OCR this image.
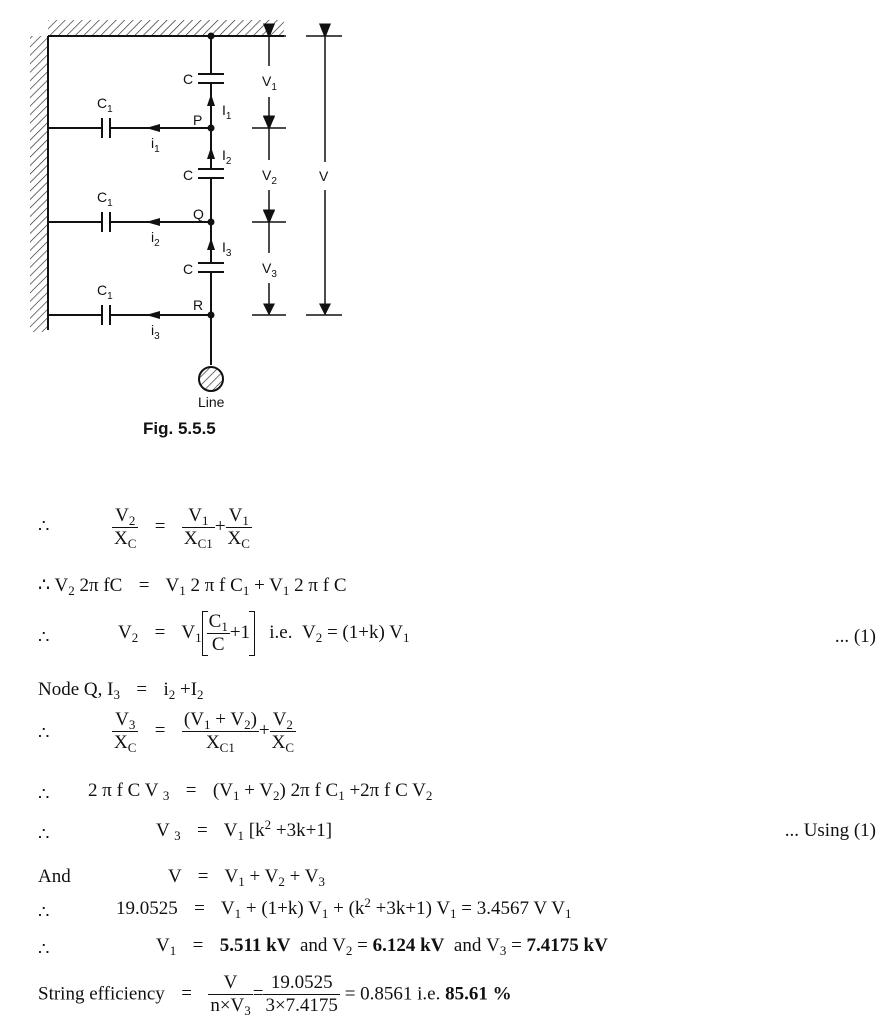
C
C
C
$C_1$
$C_1$
$C_1$
P
Q
R
$i_1$
$i_2$
$i_3$
$I_1$
$I_2$
$I_3$
$V_1$
$V_2$
$V_3$
V
Line
Fig. 5.5.5
∴	$\frac{V_2}{X_C} = \frac{V_1}{X_{C1}} + \frac{V_1}{X_C}$
∴ $V_2$ 2π fC = $V_1$ 2 π f $C_1 + V_1$ 2 π f C
∴	$V_2 = V_1 \frac{C_1}{C} +1$   i.e.  $V_2 = (1+k)$ $V_1$	... (1)
Node Q, $I_3 = i_2 +I_2$
∴	$\frac{V_3}{X_C} = \frac{(V_1 + V_2)}{X_{C1}} + \frac{V_2}{X_C}$
∴ 2 π f C V $_3 = (V_1 + V_2)$ 2π f $C_1 +2\pi$ f C $V_2$
∴	V $_3 = V_1$ $[k^2 +3k+1]$	... Using (1)
And	$V = V_1 + V_2 + V_3$
∴	$19.0525 = V_1 + (1+k) V_1 + (k^2 +3k+1) V_1 = 3.4567$ V $V_1$
∴	$V_1 = 5.511$ kV  and $V_2 = 6.124$ kV  and $V_3 = 7.4175$ kV
String efficiency = $\frac{V}{n\times V_3} = \frac{19.0525}{3\times 7.4175} = 0.8561$ i.e. 85.61 %
